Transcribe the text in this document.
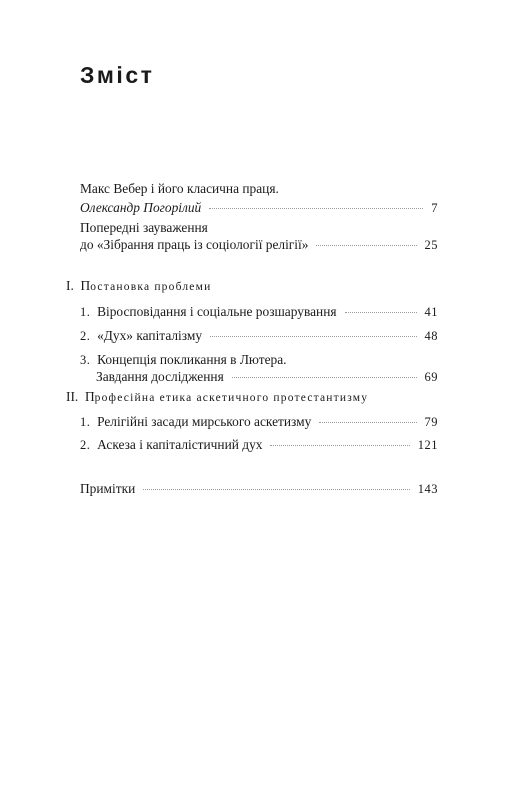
Зміст
Макс Вебер і його класична праця.
Олександр Погорілий	7
Попередні зауваження
до «Зібрання праць із соціології релігії»	25
I. Постановка проблеми
1. Віросповідання і соціальне розшарування	41
2. «Дух» капіталізму	48
3. Концепція покликання в Лютера.
Завдання дослідження	69
II. Професійна етика аскетичного протестантизму
1. Релігійні засади мирського аскетизму	79
2. Аскеза і капіталістичний дух	121
Примітки	143
